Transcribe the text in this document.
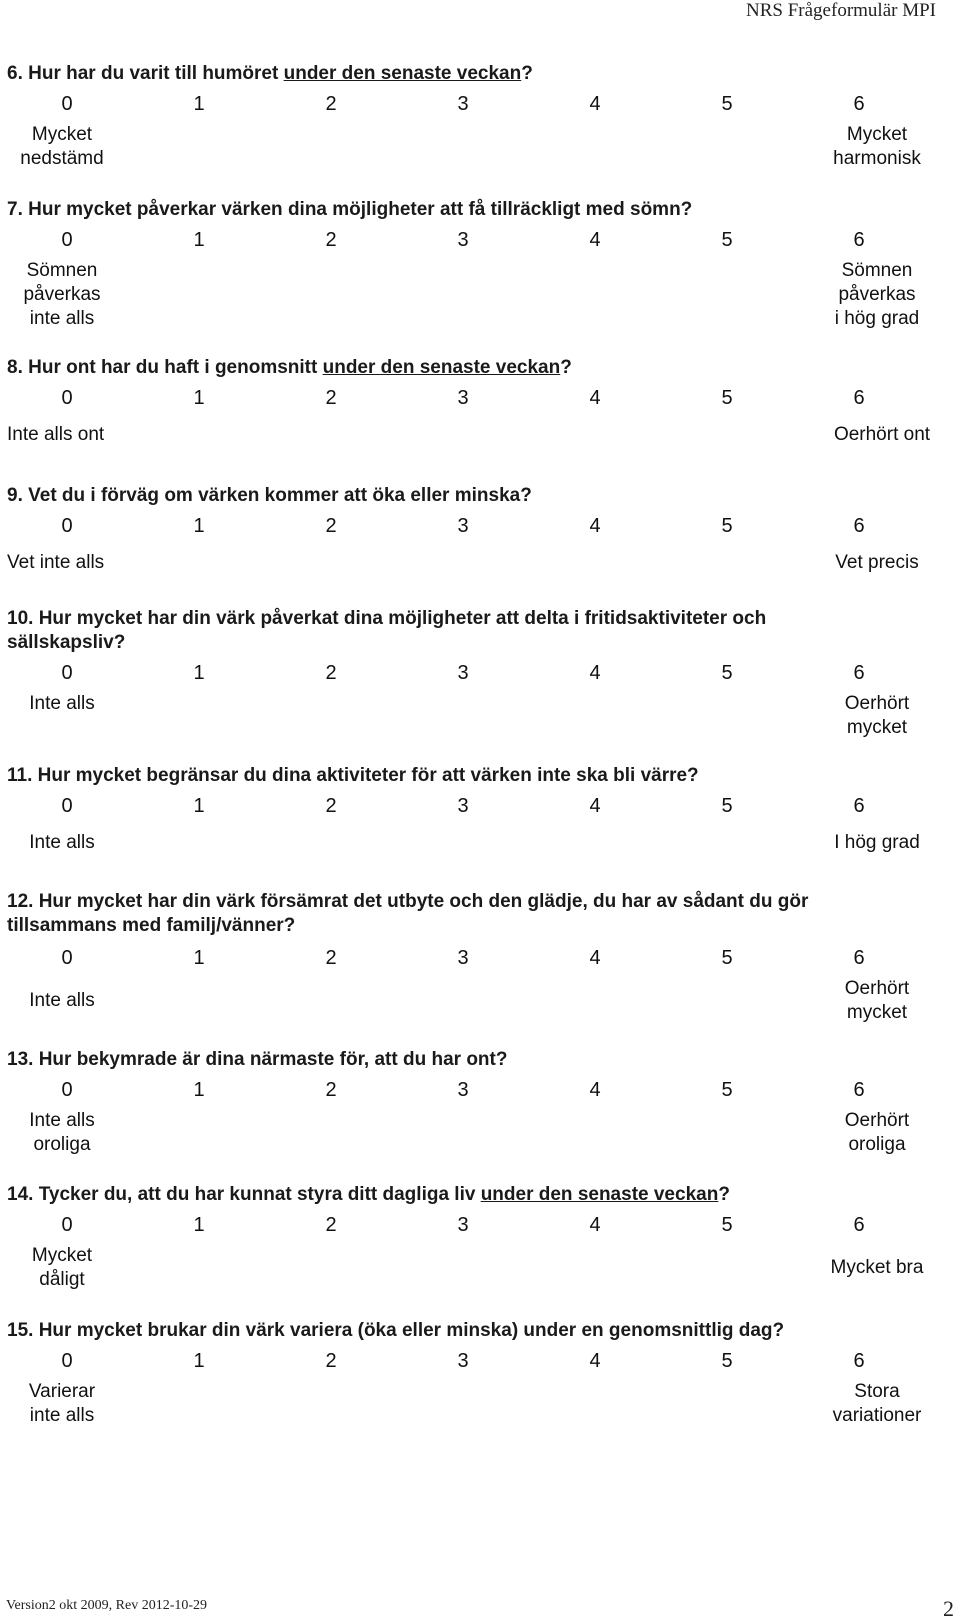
NRS Frågeformulär MPI
6. Hur har du varit till humöret under den senaste veckan?
0	1	2	3	4	5	6
Mycket
nedstämd
Mycket
harmonisk
7. Hur mycket påverkar värken dina möjligheter att få tillräckligt med sömn?
0	1	2	3	4	5	6
Sömnen
påverkas
inte alls
Sömnen
påverkas
i hög grad
8. Hur ont har du haft i genomsnitt under den senaste veckan?
0	1	2	3	4	5	6
Inte alls ont	Oerhört ont
9. Vet du i förväg om värken kommer att öka eller minska?
0	1	2	3	4	5	6
Vet inte alls	Vet precis
10. Hur mycket har din värk påverkat dina möjligheter att delta i fritidsaktiviteter och
sällskapsliv?
0	1	2	3	4	5	6
Inte alls	Oerhört
mycket
11. Hur mycket begränsar du dina aktiviteter för att värken inte ska bli värre?
0	1	2	3	4	5	6
Inte alls	I hög grad
12. Hur mycket har din värk försämrat det utbyte och den glädje, du har av sådant du gör
tillsammans med familj/vänner?
0	1	2	3	4	5	6
Inte alls
Oerhört
mycket
13. Hur bekymrade är dina närmaste för, att du har ont?
0	1	2	3	4	5	6
Inte alls
oroliga
Oerhört
oroliga
14. Tycker du, att du har kunnat styra ditt dagliga liv under den senaste veckan?
0	1	2	3	4	5	6
Mycket
dåligt
Mycket bra
15. Hur mycket brukar din värk variera (öka eller minska) under en genomsnittlig dag?
0	1	2	3	4	5	6
Varierar
inte alls
Stora
variationer
Version2 okt 2009, Rev 2012-10-29	2
